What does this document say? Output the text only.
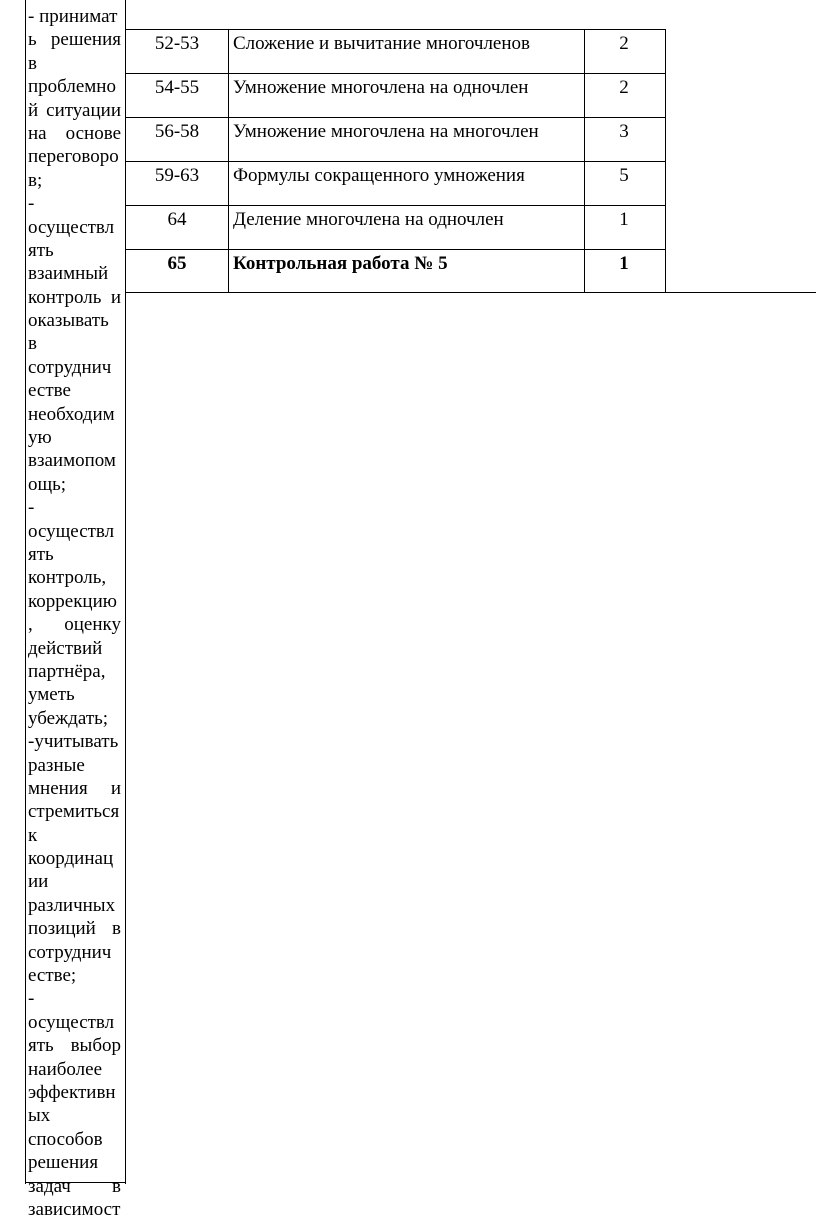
- принимат
ь решения
в
проблемно
й ситуации
на основе
переговоро
в;
-
осуществл
ять
взаимный
контроль и
оказывать
в
сотруднич
естве
необходим
ую
взаимопом
ощь;
-
осуществл
ять
контроль,
коррекцию
, оценку
действий
партнёра,
уметь
убеждать;
-учитывать
разные
мнения и
стремиться
к
координац
ии
различных
позиций в
сотруднич
естве;
-
осуществл
ять выбор
наиболее
эффективн
ых
способов
решения
задач в
зависимост
52-53	Сложение и вычитание многочленов	2
54-55	Умножение многочлена на одночлен	2
56-58	Умножение многочлена на многочлен	3
59-63	Формулы сокращенного умножения	5
64	Деление многочлена на одночлен	1
65	Контрольная работа № 5	1
